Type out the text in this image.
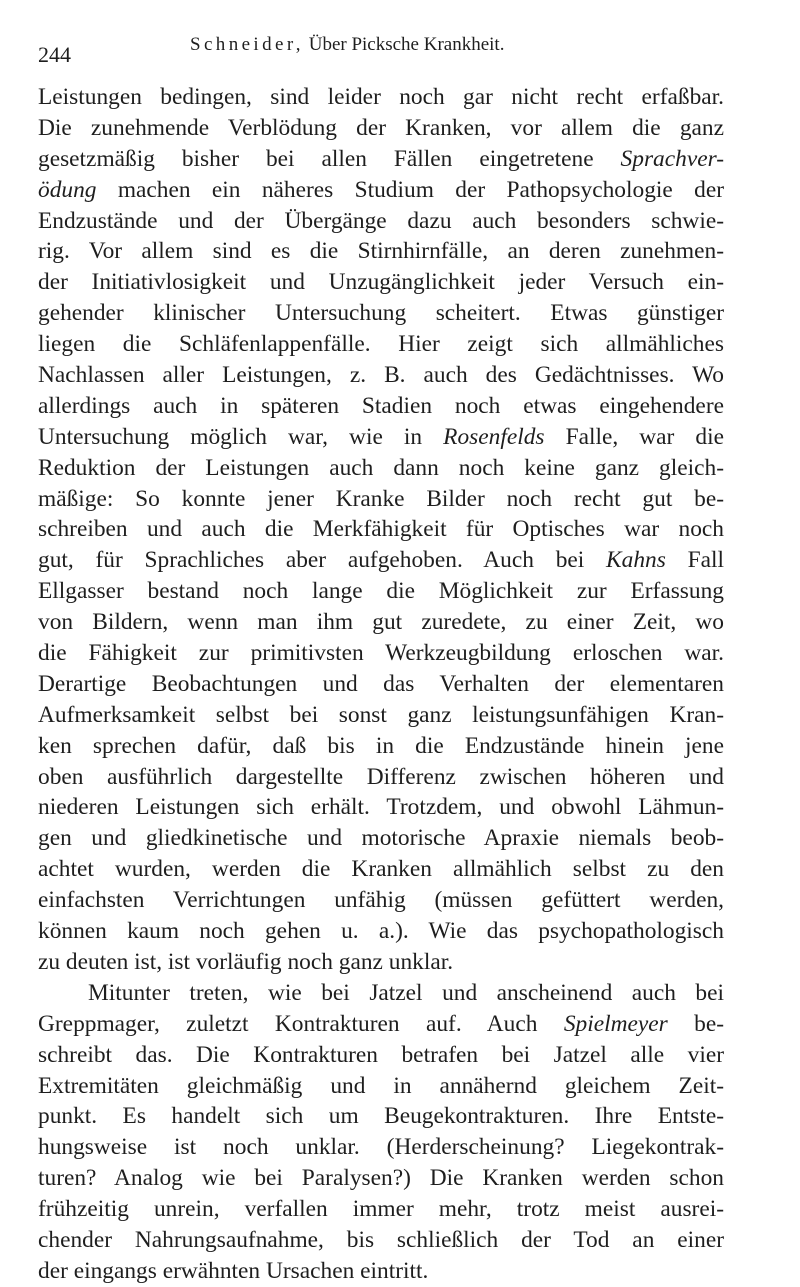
244	Schneider, Über Picksche Krankheit.
Leistungen bedingen, sind leider noch gar nicht recht erfaßbar.
Die zunehmende Verblödung der Kranken, vor allem die ganz
gesetzmäßig bisher bei allen Fällen eingetretene Sprachver-
ödung machen ein näheres Studium der Pathopsychologie der
Endzustände und der Übergänge dazu auch besonders schwie-
rig. Vor allem sind es die Stirnhirnfälle, an deren zunehmen-
der Initiativlosigkeit und Unzugänglichkeit jeder Versuch ein-
gehender klinischer Untersuchung scheitert. Etwas günstiger
liegen die Schläfenlappenfälle. Hier zeigt sich allmähliches
Nachlassen aller Leistungen, z. B. auch des Gedächtnisses. Wo
allerdings auch in späteren Stadien noch etwas eingehendere
Untersuchung möglich war, wie in Rosenfelds Falle, war die
Reduktion der Leistungen auch dann noch keine ganz gleich-
mäßige: So konnte jener Kranke Bilder noch recht gut be-
schreiben und auch die Merkfähigkeit für Optisches war noch
gut, für Sprachliches aber aufgehoben. Auch bei Kahns Fall
Ellgasser bestand noch lange die Möglichkeit zur Erfassung
von Bildern, wenn man ihm gut zuredete, zu einer Zeit, wo
die Fähigkeit zur primitivsten Werkzeugbildung erloschen war.
Derartige Beobachtungen und das Verhalten der elementaren
Aufmerksamkeit selbst bei sonst ganz leistungsunfähigen Kran-
ken sprechen dafür, daß bis in die Endzustände hinein jene
oben ausführlich dargestellte Differenz zwischen höheren und
niederen Leistungen sich erhält. Trotzdem, und obwohl Lähmun-
gen und gliedkinetische und motorische Apraxie niemals beob-
achtet wurden, werden die Kranken allmählich selbst zu den
einfachsten Verrichtungen unfähig (müssen gefüttert werden,
können kaum noch gehen u. a.). Wie das psychopathologisch
zu deuten ist, ist vorläufig noch ganz unklar.
Mitunter treten, wie bei Jatzel und anscheinend auch bei
Greppmager, zuletzt Kontrakturen auf. Auch Spielmeyer be-
schreibt das. Die Kontrakturen betrafen bei Jatzel alle vier
Extremitäten gleichmäßig und in annähernd gleichem Zeit-
punkt. Es handelt sich um Beugekontrakturen. Ihre Entste-
hungsweise ist noch unklar. (Herderscheinung? Liegekontrak-
turen? Analog wie bei Paralysen?) Die Kranken werden schon
frühzeitig unrein, verfallen immer mehr, trotz meist ausrei-
chender Nahrungsaufnahme, bis schließlich der Tod an einer
der eingangs erwähnten Ursachen eintritt.
